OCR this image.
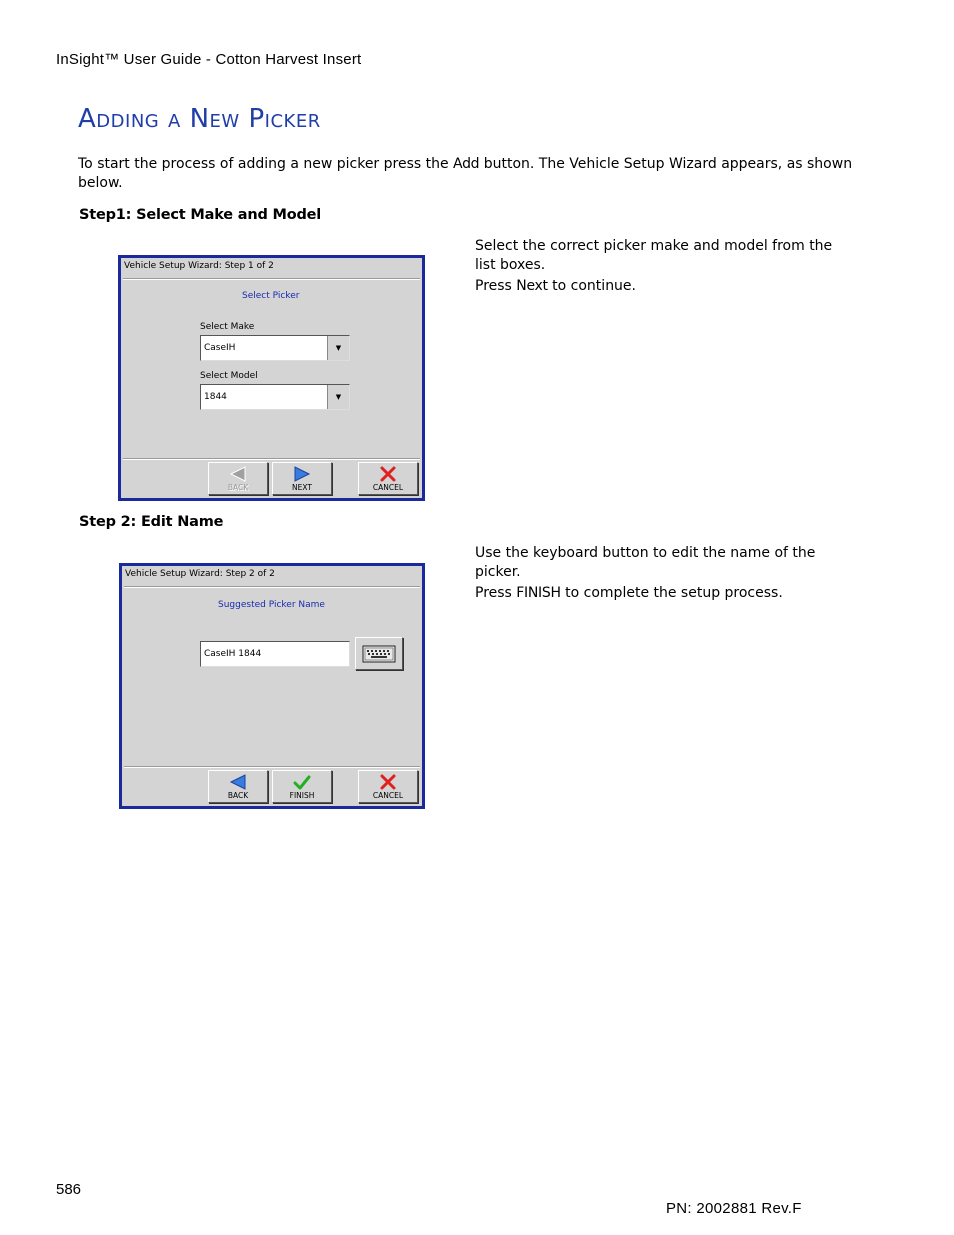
InSight™ User Guide - Cotton Harvest Insert
Adding a New Picker
To start the process of adding a new picker press the Add button. The Vehicle Setup Wizard appears, as shown below.
Step1: Select Make and Model

Select the correct picker make and model from the list boxes.

Press Next to continue.

Vehicle Setup Wizard: Step 1 of 2
Select Picker
Select Make
CaseIH	▼
Select Model
1844	▼
BACK	NEXT	CANCEL
Step 2: Edit Name

Use the keyboard button to edit the name of the picker.

Press FINISH to complete the setup process.

Vehicle Setup Wizard: Step 2 of 2
Suggested Picker Name
CaseIH 1844
BACK	FINISH	CANCEL
586
PN: 2002881 Rev.F
